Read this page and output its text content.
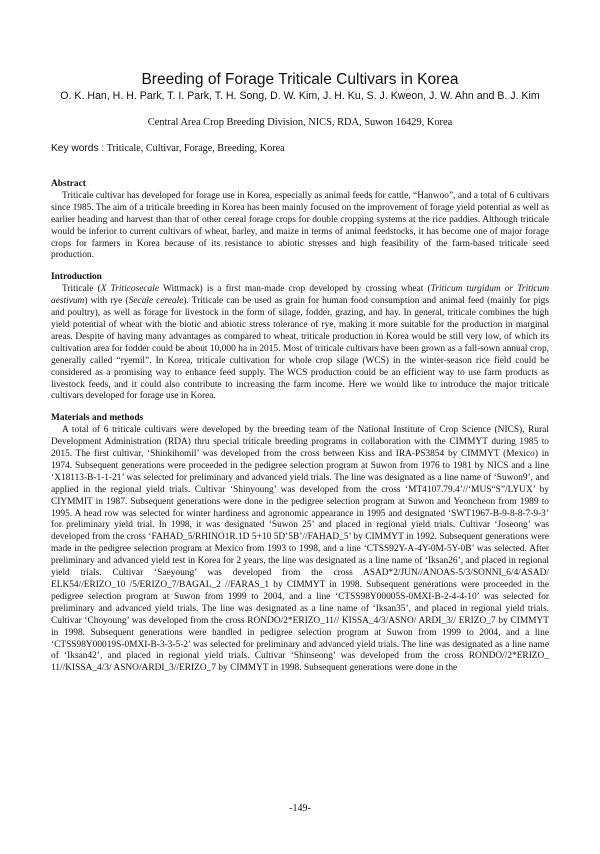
Breeding of Forage Triticale Cultivars in Korea
O. K. Han, H. H. Park, T. I. Park, T. H. Song, D. W. Kim, J. H. Ku, S. J. Kweon, J. W. Ahn and B. J. Kim
Central Area Crop Breeding Division, NICS, RDA, Suwon 16429, Korea
Key words : Triticale, Cultivar, Forage, Breeding, Korea

Abstract

Triticale cultivar has developed for forage use in Korea, especially as animal feeds for cattle, “Hanwoo”, and a total of 6 cultivars since 1985. The aim of a triticale breeding in Korea has been mainly focused on the improvement of forage yield potential as well as earlier heading and harvest than that of other cereal forage crops for double cropping systems at the rice paddies. Although triticale would be inferior to current cultivars of wheat, barley, and maize in terms of animal feedstocks, it has become one of major forage crops for farmers in Korea because of its resistance to abiotic stresses and high feasibility of the farm-based triticale seed production.

Introduction

Triticale (X Triticosecale Wittmack) is a first man-made crop developed by crossing wheat (Triticum turgidum or Triticum aestivum) with rye (Secale cereale). Triticale can be used as grain for human food consumption and animal feed (mainly for pigs and poultry), as well as forage for livestock in the form of silage, fodder, grazing, and hay. In general, triticale combines the high yield potential of wheat with the biotic and abiotic stress tolerance of rye, making it more suitable for the production in marginal areas. Despite of having many advantages as compared to wheat, triticale production in Korea would be still very low, of which its cultivation area for fodder could be about 10,000 ha in 2015. Most of triticale cultivars have been grown as a fall-sown annual crop, generally called “ryemil”. In Korea, triticale cultivation for whole crop silage (WCS) in the winter-season rice field could be considered as a promising way to enhance feed supply. The WCS production could be an efficient way to use farm products as livestock feeds, and it could also contribute to increasing the farm income. Here we would like to introduce the major triticale cultivars developed for forage use in Korea.

Materials and methods

A total of 6 triticale cultivars were developed by the breeding team of the National Institute of Crop Science (NICS), Rural Development Administration (RDA) thru special triticale breeding programs in collaboration with the CIMMYT during 1985 to 2015. The first cultivar, ‘Shinkihomil’ was developed from the cross between Kiss and IRA-PS3854 by CIMMYT (Mexico) in 1974. Subsequent generations were proceeded in the pedigree selection program at Suwon from 1976 to 1981 by NICS and a line ‘X18113-B-1-1-21’ was selected for preliminary and advanced yield trials. The line was designated as a line name of ‘Suwon9’, and applied in the regional yield trials. Cultivar ‘Shinyoung’ was developed from the cross ‘MT4107.79.4’//‘MUS“S”/LYUX’ by CIYMMIT in 1987. Subsequent generations were done in the pedigree selection program at Suwon and Yeoncheon from 1989 to 1995. A head row was selected for winter hardiness and agronomic appearance in 1995 and designated ‘SWT1967-B-9-8-8-7-9-3’ for preliminary yield trial. In 1998, it was designated ‘Suwon 25’ and placed in regional yield trials. Cultivar ‘Joseong’ was developed from the cross ‘FAHAD_5/RHINO1R.1D 5+10 5D’5B’//FAHAD_5’ by CIMMYT in 1992. Subsequent generations were made in the pedigree selection program at Mexico from 1993 to 1998, and a line ‘CTSS92Y-A-4Y-0M-5Y-0B’ was selected. After preliminary and advanced yield test in Korea for 2 years, the line was designated as a line name of ‘Iksan26’, and placed in regional yield trials. Cultivar ‘Saeyoung’ was developed from the cross ASAD*2/JUN//ANOAS-5/3/SONNI_6/4/ASAD/ ELK54//ERIZO_10 /5/ERIZO_7/BAGAL_2 //FARAS_1 by CIMMYT in 1998. Subsequent generations were proceeded in the pedigree selection program at Suwon from 1999 to 2004, and a line ‘CTSS98Y00005S-0MXI-B-2-4-4-10’ was selected for preliminary and advanced yield trials. The line was designated as a line name of ‘Iksan35’, and placed in regional yield trials. Cultivar ‘Choyoung’ was developed from the cross RONDO/2*ERIZO_11// KISSA_4/3/ASNO/ ARDI_3// ERIZO_7 by CIMMYT in 1998. Subsequent generations were handled in pedigree selection program at Suwon from 1999 to 2004, and a line ‘CTSS98Y00019S-0MXI-B-3-3-5-2’ was selected for preliminary and advanced yield trials. The line was designated as a line name of ‘Iksan42’, and placed in regional yield trials. Cultivar ‘Shinseong’ was developed from the cross RONDO//2*ERIZO_ 11//KISSA_4/3/ ASNO/ARDI_3//ERIZO_7 by CIMMYT in 1998. Subsequent generations were done in the

-149-
